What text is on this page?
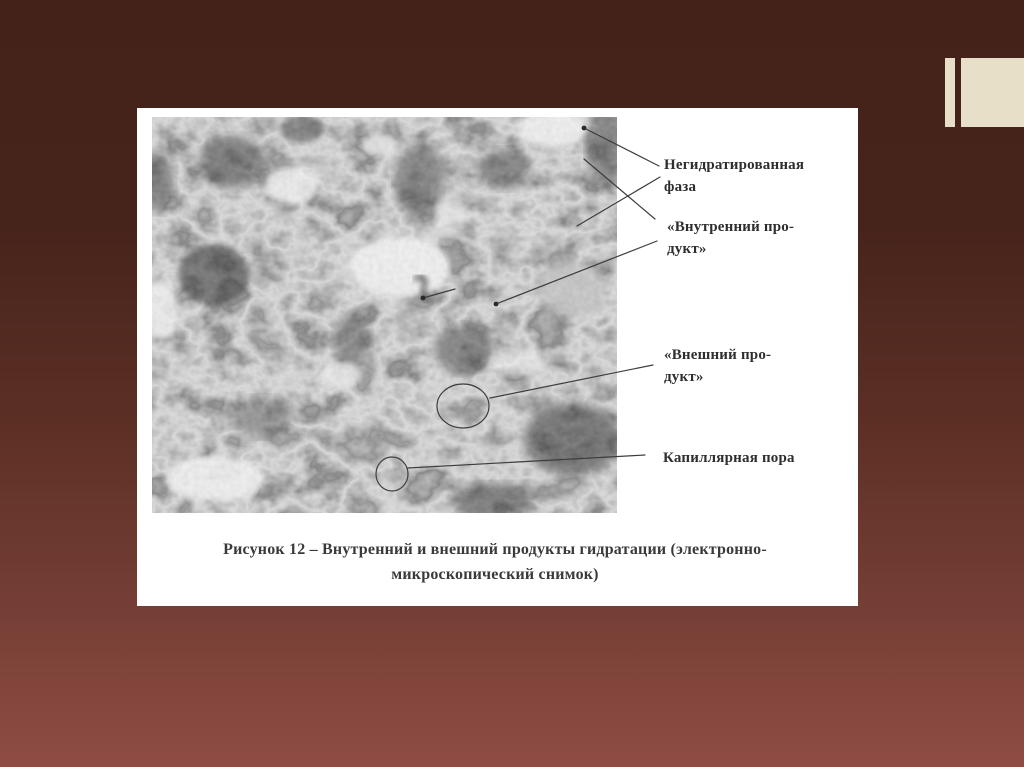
Негидратированная
фаза
«Внутренний про-
дукт»
«Внешний про-
дукт»
Капиллярная пора
Рисунок 12 – Внутренний и внешний продукты гидратации (электронно-
микроскопический снимок)
